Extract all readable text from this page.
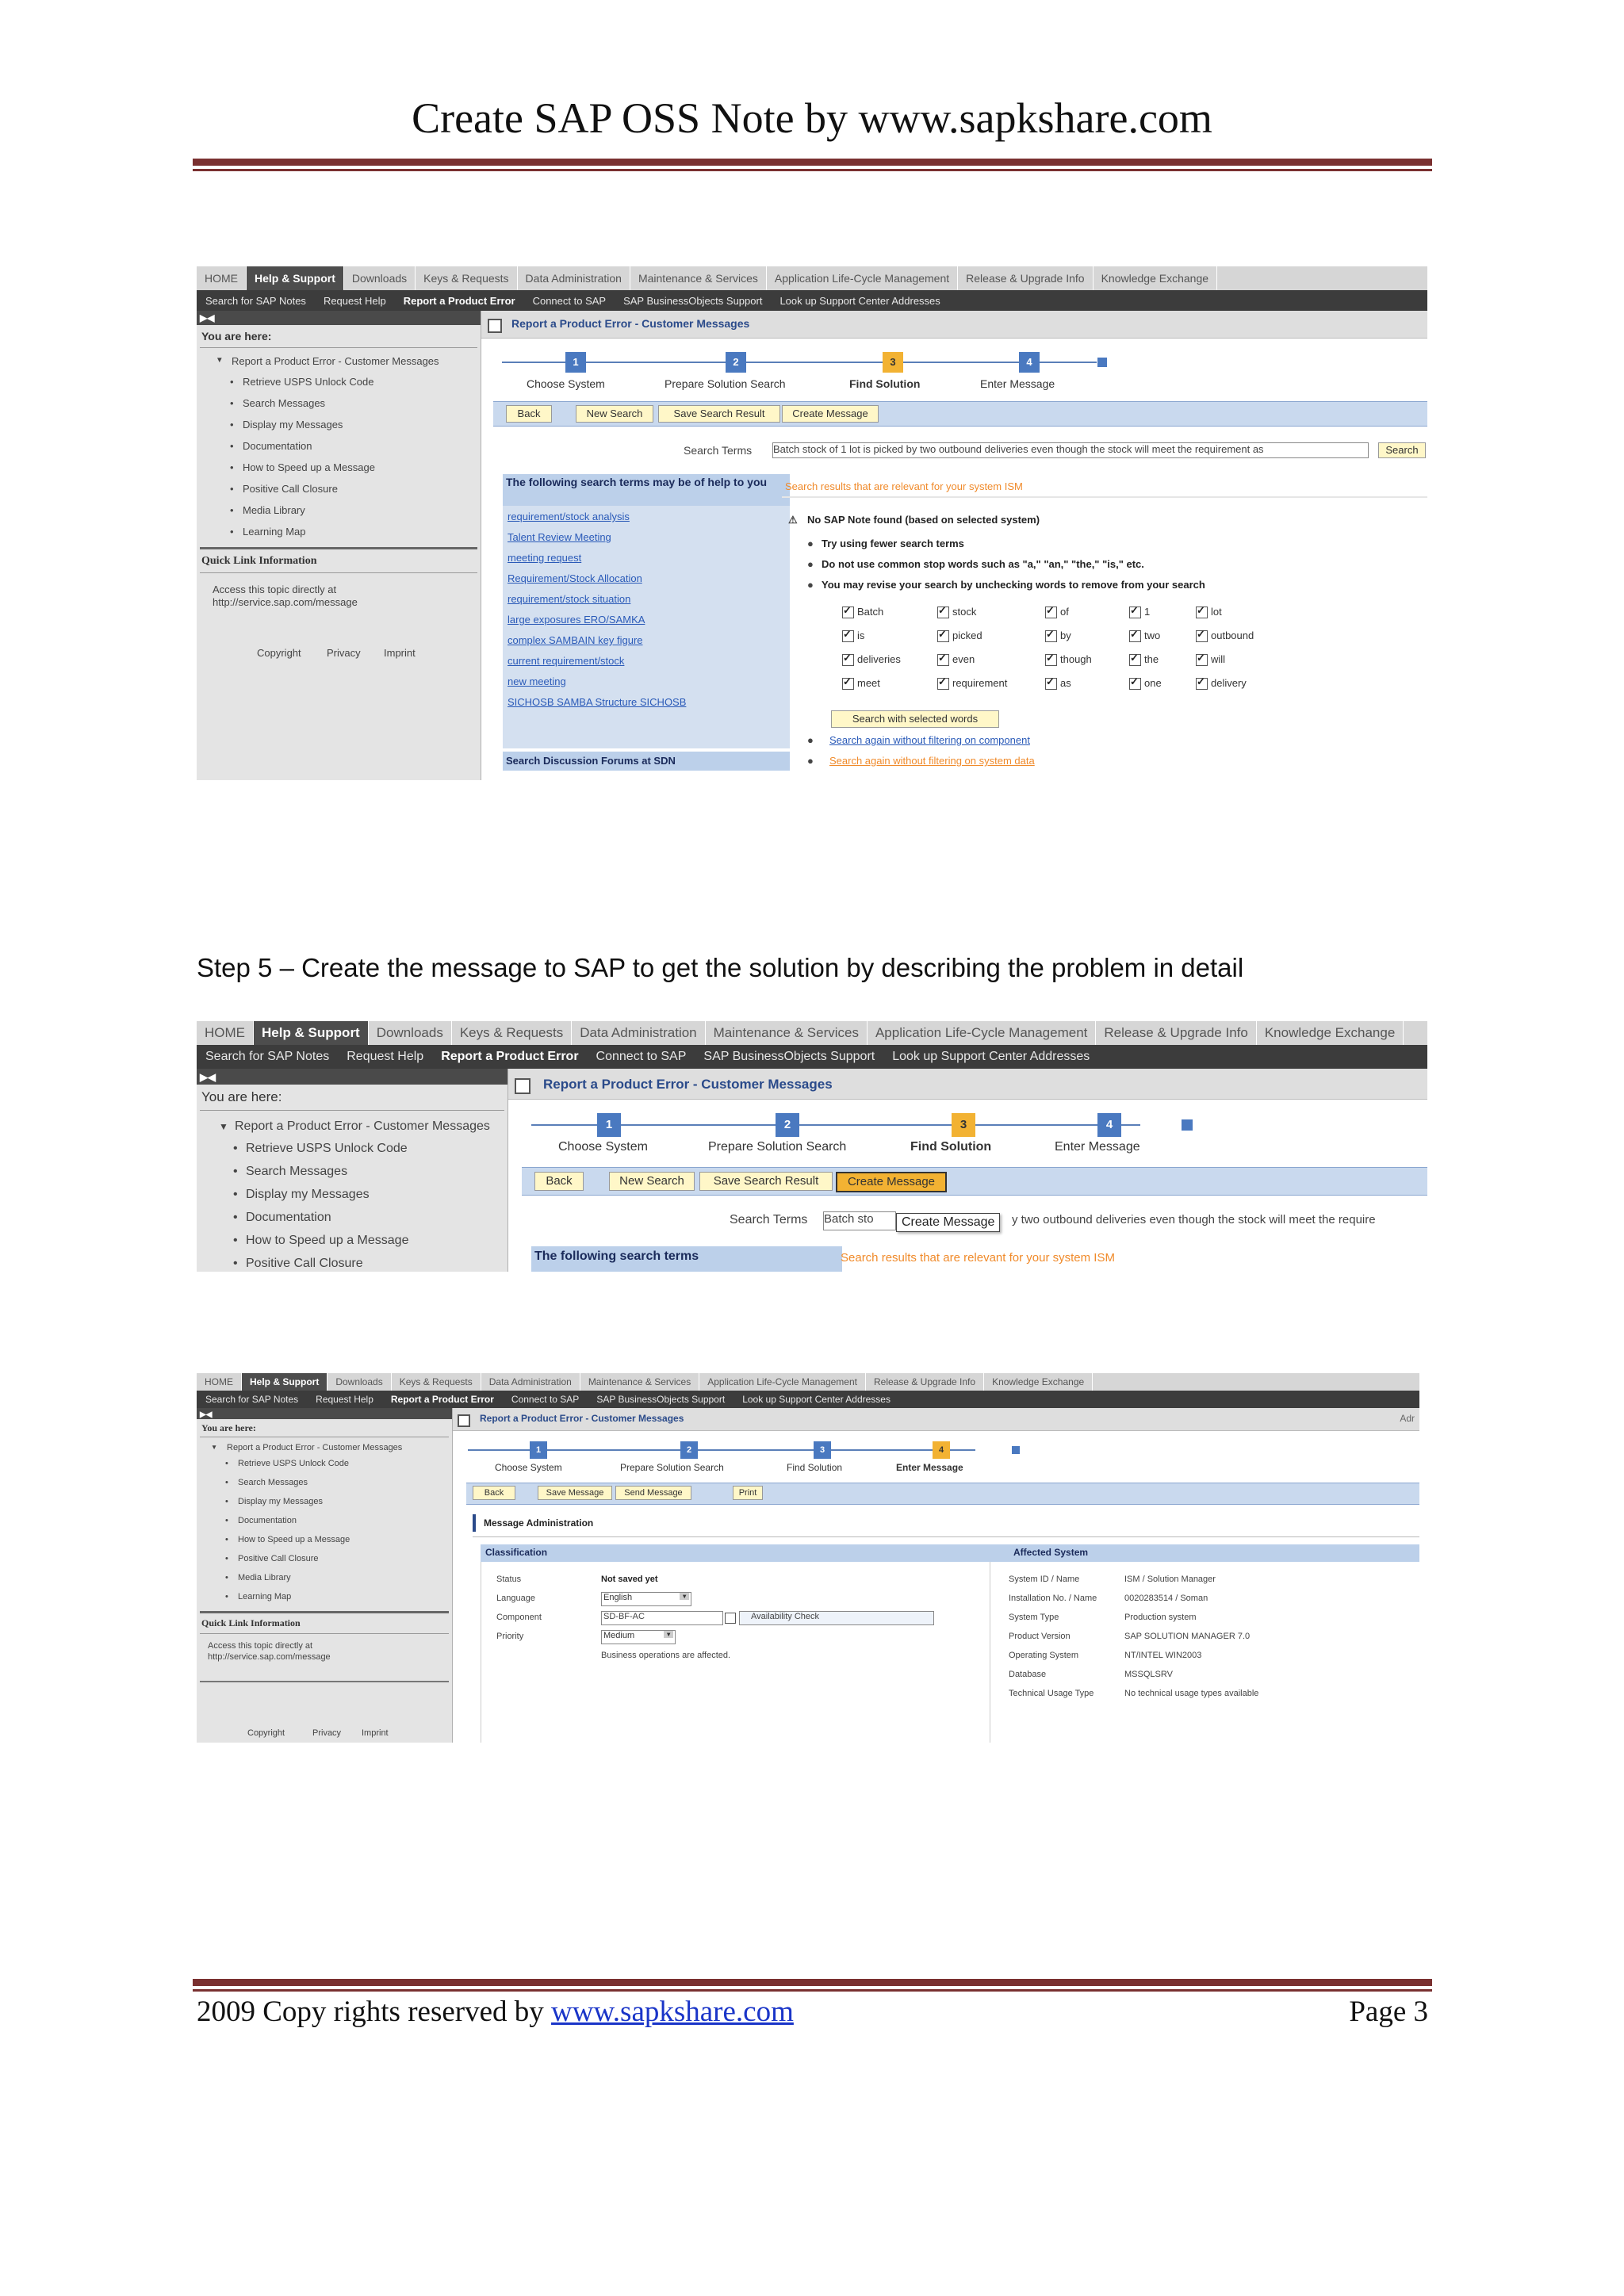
Create SAP OSS Note by www.sapkshare.com
HOME	Help & Support	Downloads	Keys & Requests	Data Administration	Maintenance & Services	Application Life-Cycle Management	Release & Upgrade Info	Knowledge Exchange
Search for SAP Notes	Request Help	Report a Product Error	Connect to SAP	SAP BusinessObjects Support	Look up Support Center Addresses
▶◀
You are here:
▼ Report a Product Error - Customer Messages
• Retrieve USPS Unlock Code
• Search Messages
• Display my Messages
• Documentation
• How to Speed up a Message
• Positive Call Closure
• Media Library
• Learning Map
Quick Link Information
Access this topic directly at
http://service.sap.com/message
Copyright Privacy Imprint
Report a Product Error - Customer Messages
1	2	3	4
Choose System	Prepare Solution Search	Find Solution	Enter Message
Back	New Search	Save Search Result	Create Message
Search Terms Batch stock of 1 lot is picked by two outbound deliveries even though the stock will meet the requirement as	Search
The following search terms may be of help to you
requirement/stock analysis
Talent Review Meeting
meeting request
Requirement/Stock Allocation
requirement/stock situation
large exposures ERO/SAMKA
complex SAMBAIN key figure
current requirement/stock
new meeting
SICHOSB SAMBA Structure SICHOSB
Search Discussion Forums at SDN
Search results that are relevant for your system ISM
⚠ No SAP Note found (based on selected system)
Try using fewer search terms
Do not use common stop words such as "a," "an," "the," "is," etc.
You may revise your search by unchecking words to remove from your search
●
●
●
✓Batch ✓	stock ✓	of ✓	1 ✓	lot
✓is ✓	picked ✓	by ✓	two ✓	outbound
✓deliveries ✓	even ✓	though ✓	the ✓	will
✓meet ✓	requirement ✓	as ✓	one ✓	delivery
Search with selected words
● Search again without filtering on component
● Search again without filtering on system data
Step 5 – Create the message to SAP to get the solution by describing the problem in detail
HOME	Help & Support	Downloads	Keys & Requests	Data Administration	Maintenance & Services	Application Life-Cycle Management	Release & Upgrade Info	Knowledge Exchange
Search for SAP Notes	Request Help	Report a Product Error	Connect to SAP	SAP BusinessObjects Support	Look up Support Center Addresses
▶◀
You are here:
▼ Report a Product Error - Customer Messages
• Retrieve USPS Unlock Code
• Search Messages
• Display my Messages
• Documentation
• How to Speed up a Message
• Positive Call Closure
Report a Product Error - Customer Messages
1	2	3	4
Choose System	Prepare Solution Search	Find Solution	Enter Message
Back	New Search	Save Search Result	Create Message
Search Terms Batch sto	Create Message	y two outbound deliveries even though the stock will meet the require
The following search terms	Search results that are relevant for your system ISM
HOME	Help & Support	Downloads	Keys & Requests	Data Administration	Maintenance & Services	Application Life-Cycle Management	Release & Upgrade Info	Knowledge Exchange
Search for SAP Notes	Request Help	Report a Product Error	Connect to SAP	SAP BusinessObjects Support	Look up Support Center Addresses
▶◀
You are here:
▼ Report a Product Error - Customer Messages
• Retrieve USPS Unlock Code
• Search Messages
• Display my Messages
• Documentation
• How to Speed up a Message
• Positive Call Closure
• Media Library
• Learning Map
Quick Link Information
Access this topic directly at
http://service.sap.com/message
Copyright	Privacy Imprint
Report a Product Error - Customer Messages	Adr
1	2	3	4
Choose System	Prepare Solution Search	Find Solution	Enter Message
Back	Save Message	Send Message	Print
Message Administration
Classification	Affected System
Status	Not saved yet
Language	English ▼
Component	SD-BF-AC	Availability Check
Priority	Medium ▼
Business operations are affected.
System ID / Name	ISM / Solution Manager
Installation No. / Name	0020283514 / Soman
System Type	Production system
Product Version	SAP SOLUTION MANAGER 7.0
Operating System	NT/INTEL WIN2003
Database	MSSQLSRV
Technical Usage Type	No technical usage types available
2009 Copy rights reserved by www.sapkshare.com	Page 3
